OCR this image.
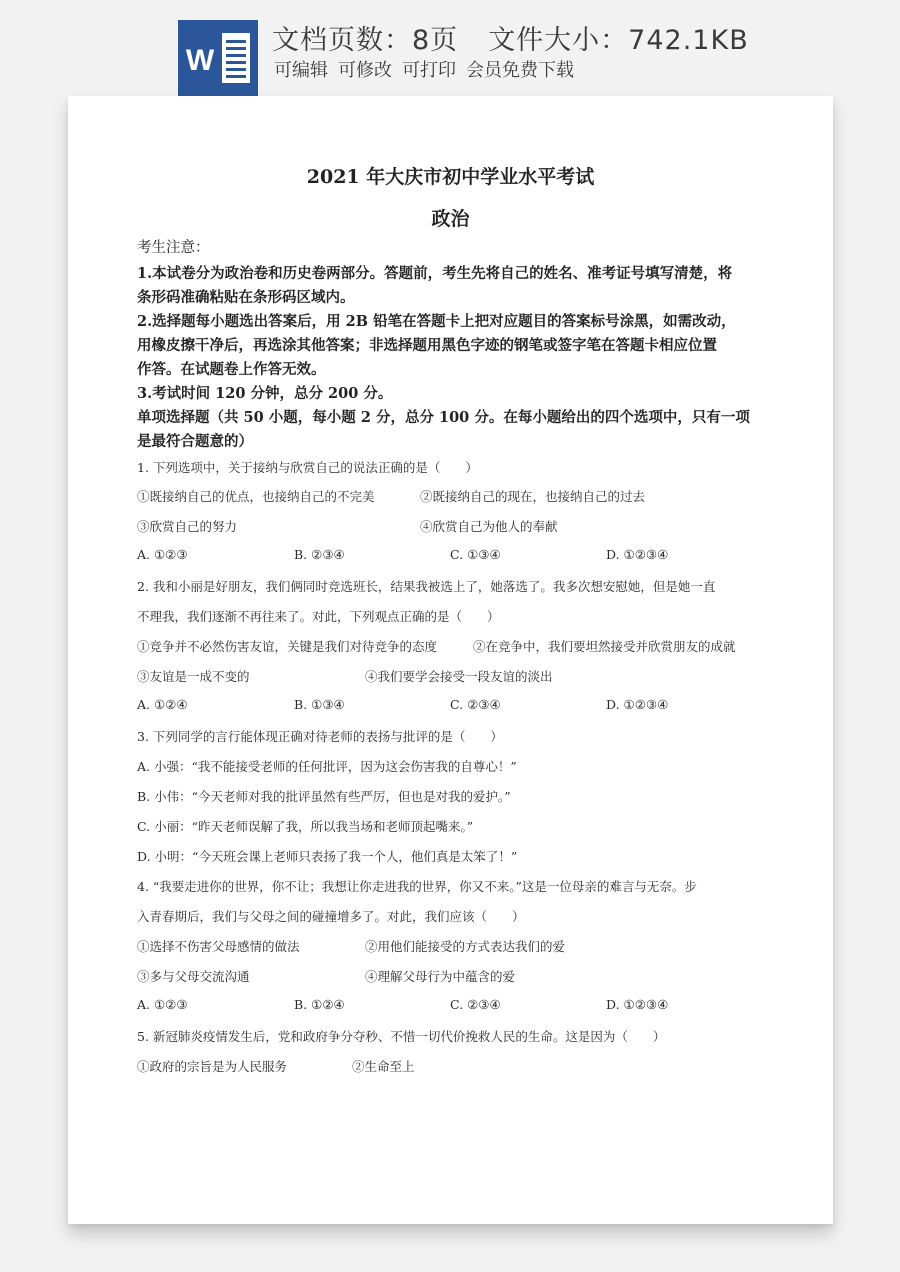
W
文档页数：8页 文件大小：742.1KB
可编辑 可修改 可打印 会员免费下载
2021 年大庆市初中学业水平考试
政治
考生注意：
1.本试卷分为政治卷和历史卷两部分。答题前，考生先将自己的姓名、准考证号填写清楚，将
条形码准确粘贴在条形码区域内。
2.选择题每小题选出答案后，用 2B 铅笔在答题卡上把对应题目的答案标号涂黑，如需改动，
用橡皮擦干净后，再选涂其他答案；非选择题用黑色字迹的钢笔或签字笔在答题卡相应位置
作答。在试题卷上作答无效。
3.考试时间 120 分钟，总分 200 分。
单项选择题（共 50 小题，每小题 2 分，总分 100 分。在每小题给出的四个选项中，只有一项
是最符合题意的）
1. 下列选项中，关于接纳与欣赏自己的说法正确的是（　　）
①既接纳自己的优点，也接纳自己的不完美	②既接纳自己的现在，也接纳自己的过去
③欣赏自己的努力	④欣赏自己为他人的奉献
A. ①②③	B. ②③④	C. ①③④	D. ①②③④
2. 我和小丽是好朋友，我们俩同时竞选班长，结果我被选上了，她落选了。我多次想安慰她，但是她一直
不理我，我们逐渐不再往来了。对此，下列观点正确的是（　　）
①竞争并不必然伤害友谊，关键是我们对待竞争的态度	②在竞争中，我们要坦然接受并欣赏朋友的成就
③友谊是一成不变的	④我们要学会接受一段友谊的淡出
A. ①②④	B. ①③④	C. ②③④	D. ①②③④
3. 下列同学的言行能体现正确对待老师的表扬与批评的是（　　）
A. 小强：“我不能接受老师的任何批评，因为这会伤害我的自尊心！”
B. 小伟：“今天老师对我的批评虽然有些严厉，但也是对我的爱护。”
C. 小丽：“昨天老师误解了我，所以我当场和老师顶起嘴来。”
D. 小明：“今天班会课上老师只表扬了我一个人，他们真是太笨了！”
4. “我要走进你的世界，你不让；我想让你走进我的世界，你又不来。”这是一位母亲的难言与无奈。步
入青春期后，我们与父母之间的碰撞增多了。对此，我们应该（　　）
①选择不伤害父母感情的做法	②用他们能接受的方式表达我们的爱
③多与父母交流沟通	④理解父母行为中蕴含的爱
A. ①②③	B. ①②④	C. ②③④	D. ①②③④
5. 新冠肺炎疫情发生后，党和政府争分夺秒、不惜一切代价挽救人民的生命。这是因为（　　）
①政府的宗旨是为人民服务	②生命至上
